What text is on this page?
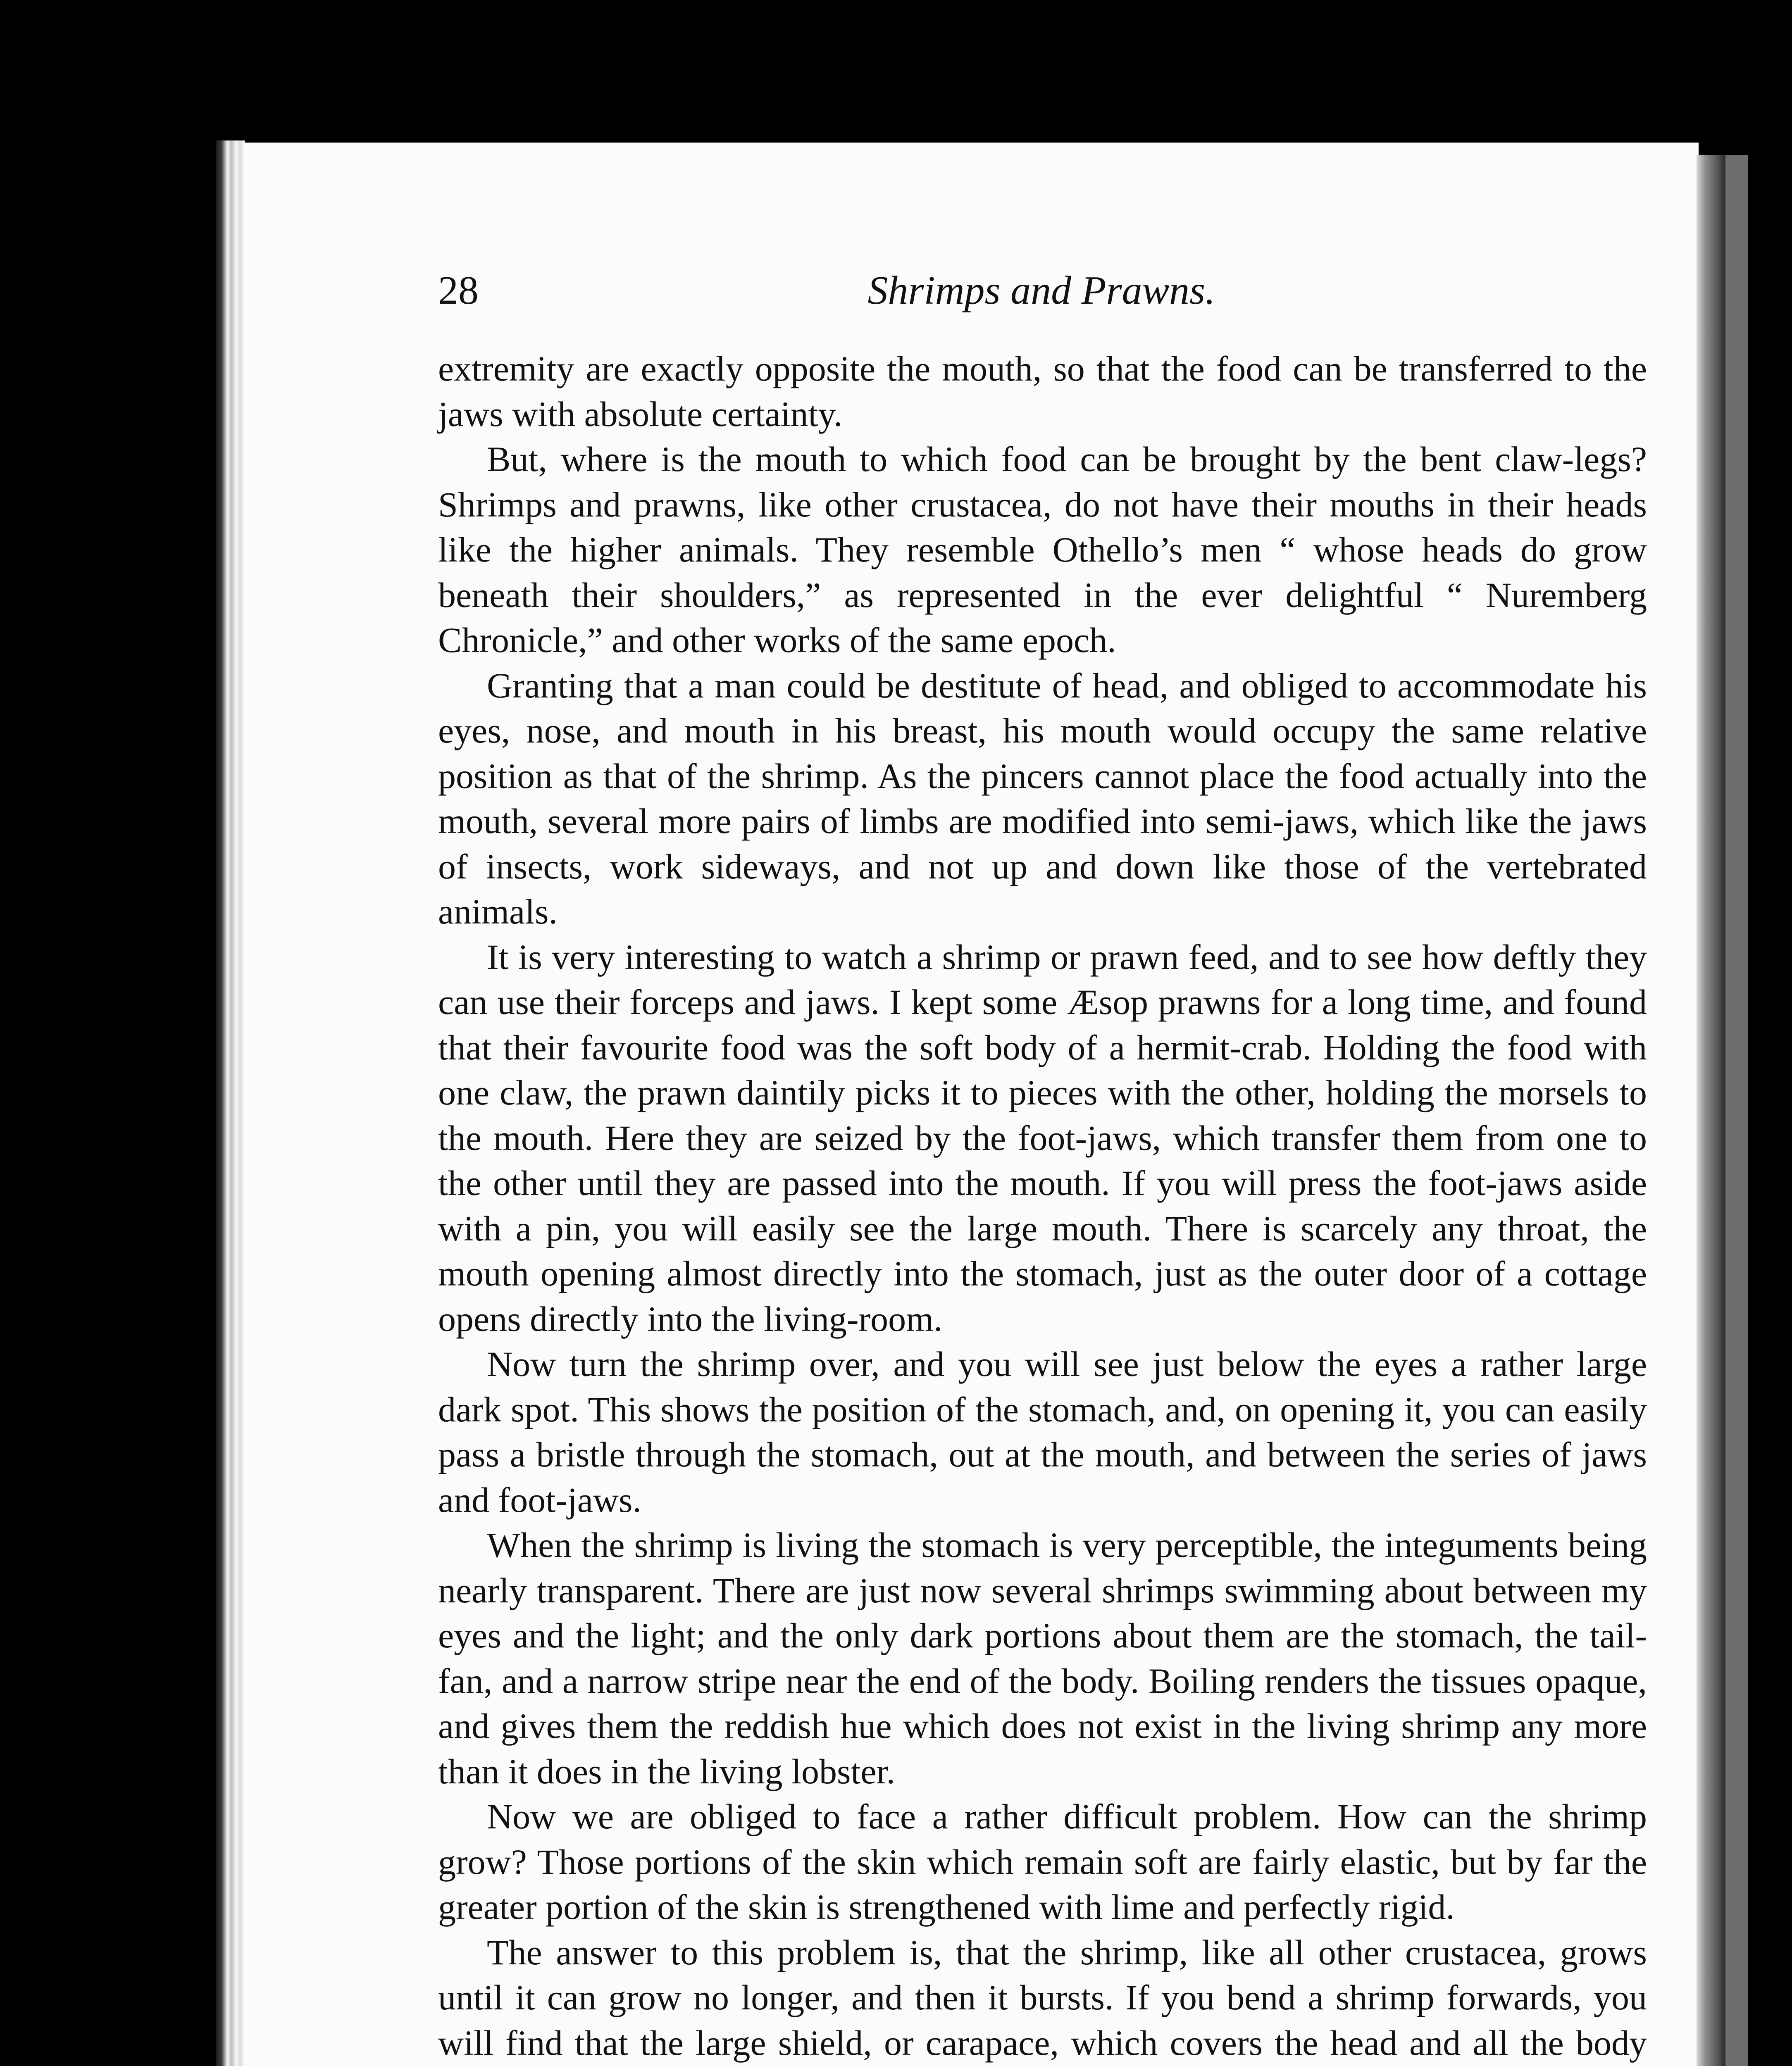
28	Shrimps and Prawns.

extremity are exactly opposite the mouth, so that the food can be transferred to the jaws with absolute certainty.

But, where is the mouth to which food can be brought by the bent claw-legs? Shrimps and prawns, like other crustacea, do not have their mouths in their heads like the higher animals. They resemble Othello’s men “ whose heads do grow beneath their shoulders,” as represented in the ever delightful “ Nuremberg Chronicle,” and other works of the same epoch.

Granting that a man could be destitute of head, and obliged to accommodate his eyes, nose, and mouth in his breast, his mouth would occupy the same relative position as that of the shrimp. As the pincers cannot place the food actually into the mouth, several more pairs of limbs are modified into semi-jaws, which like the jaws of insects, work sideways, and not up and down like those of the vertebrated animals.

It is very interesting to watch a shrimp or prawn feed, and to see how deftly they can use their forceps and jaws. I kept some Æsop prawns for a long time, and found that their favourite food was the soft body of a hermit-crab. Holding the food with one claw, the prawn daintily picks it to pieces with the other, holding the morsels to the mouth. Here they are seized by the foot-jaws, which transfer them from one to the other until they are passed into the mouth. If you will press the foot-jaws aside with a pin, you will easily see the large mouth. There is scarcely any throat, the mouth opening almost directly into the stomach, just as the outer door of a cottage opens directly into the living-room.

Now turn the shrimp over, and you will see just below the eyes a rather large dark spot. This shows the position of the stomach, and, on opening it, you can easily pass a bristle through the stomach, out at the mouth, and between the series of jaws and foot-jaws.

When the shrimp is living the stomach is very perceptible, the integuments being nearly transparent. There are just now several shrimps swimming about between my eyes and the light; and the only dark portions about them are the stomach, the tail-fan, and a narrow stripe near the end of the body. Boiling renders the tissues opaque, and gives them the reddish hue which does not exist in the living shrimp any more than it does in the living lobster.

Now we are obliged to face a rather difficult problem. How can the shrimp grow? Those portions of the skin which remain soft are fairly elastic, but by far the greater portion of the skin is strengthened with lime and perfectly rigid.

The answer to this problem is, that the shrimp, like all other crustacea, grows until it can grow no longer, and then it bursts. If you bend a shrimp forwards, you will find that the large shield, or carapace, which covers the head and all the body
